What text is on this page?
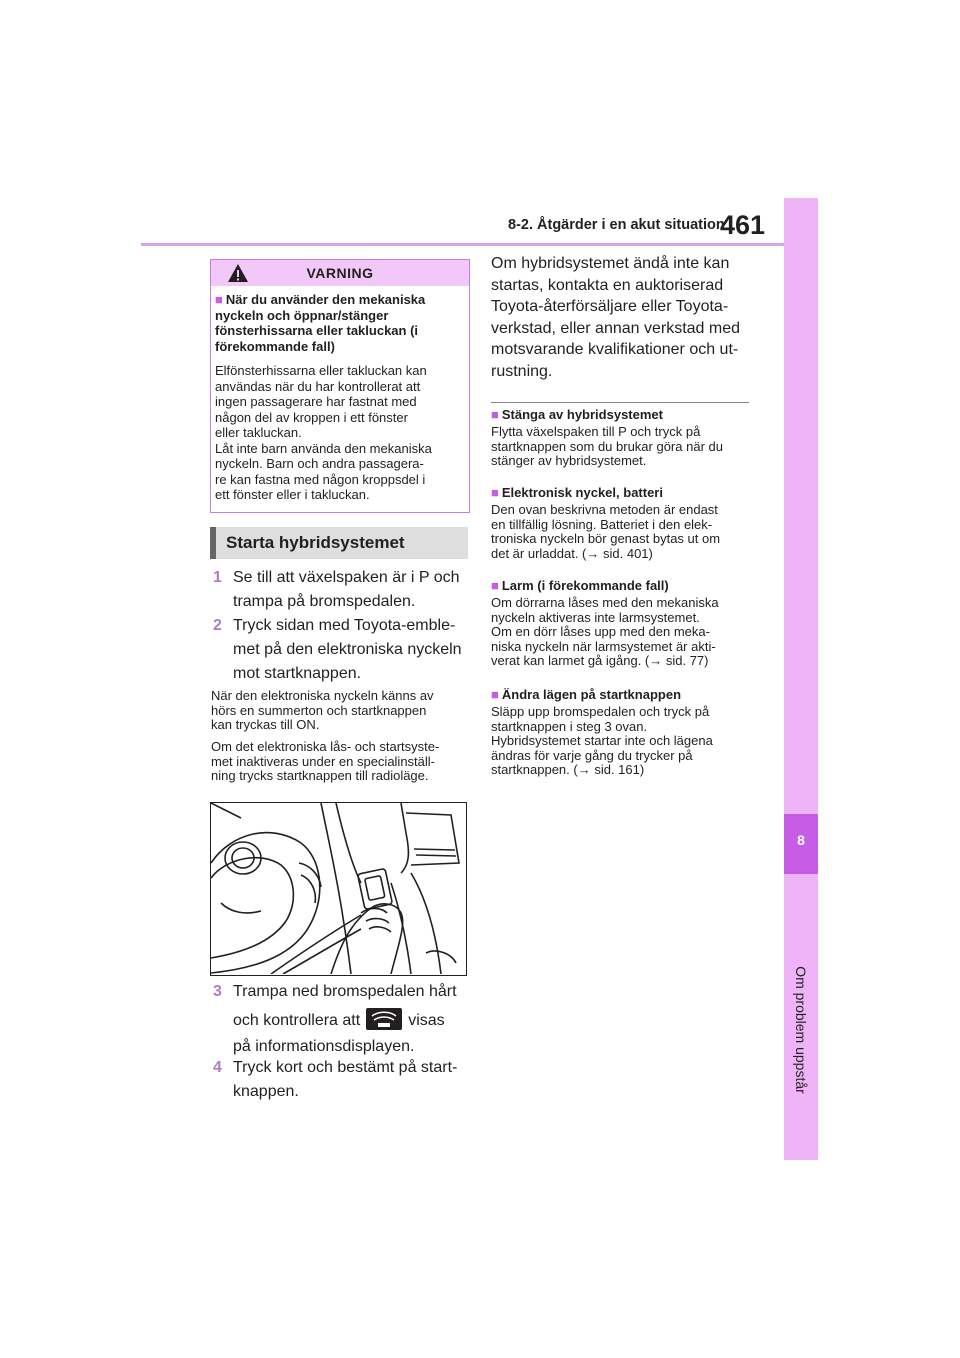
8-2. Åtgärder i en akut situation
461
8
Om problem uppstår
VARNING
■ När du använder den mekaniska nyckeln och öppnar/stänger fönsterhissarna eller takluckan (i förekommande fall)
Elfönsterhissarna eller takluckan kan
användas när du har kontrollerat att
ingen passagerare har fastnat med
någon del av kroppen i ett fönster
eller takluckan.
Låt inte barn använda den mekaniska
nyckeln. Barn och andra passagera-
re kan fastna med någon kroppsdel i
ett fönster eller i takluckan.
Starta hybridsystemet
1 Se till att växelspaken är i P och
trampa på bromspedalen.
2 Tryck sidan med Toyota-emble-
met på den elektroniska nyckeln
mot startknappen.
När den elektroniska nyckeln känns av
hörs en summerton och startknappen
kan tryckas till ON.
Om det elektroniska lås- och startsyste-
met inaktiveras under en specialinställ-
ning trycks startknappen till radioläge.
3 Trampa ned bromspedalen hårt
och kontrollera att	visas
på informationsdisplayen.
4 Tryck kort och bestämt på start-
knappen.
Om hybridsystemet ändå inte kan
startas, kontakta en auktoriserad
Toyota-återförsäljare eller Toyota-
verkstad, eller annan verkstad med
motsvarande kvalifikationer och ut-
rustning.
■ Stänga av hybridsystemet
Flytta växelspaken till P och tryck på
startknappen som du brukar göra när du
stänger av hybridsystemet.
■ Elektronisk nyckel, batteri
Den ovan beskrivna metoden är endast
en tillfällig lösning. Batteriet i den elek-
troniska nyckeln bör genast bytas ut om
det är urladdat. (→ sid. 401)
■ Larm (i förekommande fall)
Om dörrarna låses med den mekaniska
nyckeln aktiveras inte larmsystemet.
Om en dörr låses upp med den meka-
niska nyckeln när larmsystemet är akti-
verat kan larmet gå igång. (→ sid. 77)
■ Ändra lägen på startknappen
Släpp upp bromspedalen och tryck på
startknappen i steg 3 ovan.
Hybridsystemet startar inte och lägena
ändras för varje gång du trycker på
startknappen. (→ sid. 161)
